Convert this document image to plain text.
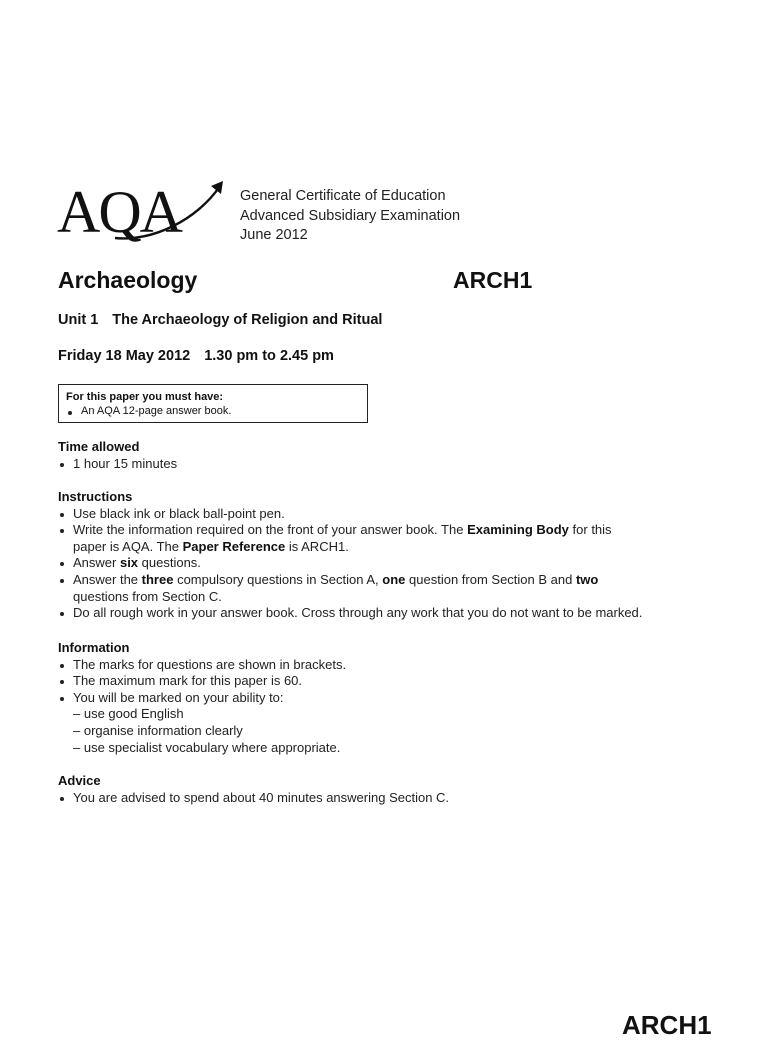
AQA	General Certificate of Education
Advanced Subsidiary Examination
June 2012
Archaeology	ARCH1
Unit 1 The Archaeology of Religion and Ritual
Friday 18 May 2012 1.30 pm to 2.45 pm
For this paper you must have:
An AQA 12-page answer book.
Time allowed
1 hour 15 minutes
Instructions
Use black ink or black ball-point pen.
Write the information required on the front of your answer book. The Examining Body for this
paper is AQA. The Paper Reference is ARCH1.
Answer six questions.
Answer the three compulsory questions in Section A, one question from Section B and two
questions from Section C.
Do all rough work in your answer book. Cross through any work that you do not want to be marked.
Information
The marks for questions are shown in brackets.
The maximum mark for this paper is 60.
You will be marked on your ability to:
– use good English
– organise information clearly
– use specialist vocabulary where appropriate.
Advice
You are advised to spend about 40 minutes answering Section C.
ARCH1
